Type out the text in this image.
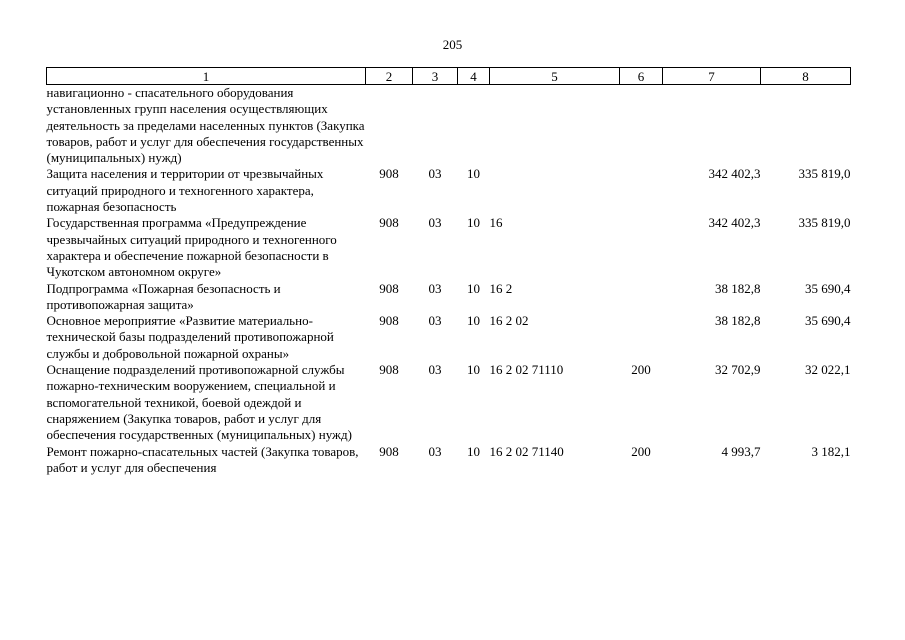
205
1	2	3	4	5	6	7	8
навигационно - спасательного оборудования установленных групп населения осуществляющих деятельность за пределами населенных пунктов (Закупка товаров, работ и услуг для обеспечения государственных (муниципальных) нужд)							
Защита населения и территории от чрезвычайных ситуаций природного и техногенного характера, пожарная безопасность	908	03	10			342 402,3	335 819,0
Государственная программа «Предупреждение чрезвычайных ситуаций природного и техногенного характера и обеспечение пожарной безопасности в Чукотском автономном округе»	908	03	10	16		342 402,3	335 819,0
Подпрограмма «Пожарная безопасность и противопожарная защита»	908	03	10	16 2		38 182,8	35 690,4
Основное мероприятие «Развитие материально-технической базы подразделений противопожарной службы и добровольной пожарной охраны»	908	03	10	16 2 02		38 182,8	35 690,4
Оснащение подразделений противопожарной службы пожарно-техническим вооружением, специальной и вспомогательной техникой, боевой одеждой и снаряжением (Закупка товаров, работ и услуг для обеспечения государственных (муниципальных) нужд)	908	03	10	16 2 02 71110	200	32 702,9	32 022,1
Ремонт пожарно-спасательных частей (Закупка товаров, работ и услуг для обеспечения	908	03	10	16 2 02 71140	200	4 993,7	3 182,1
